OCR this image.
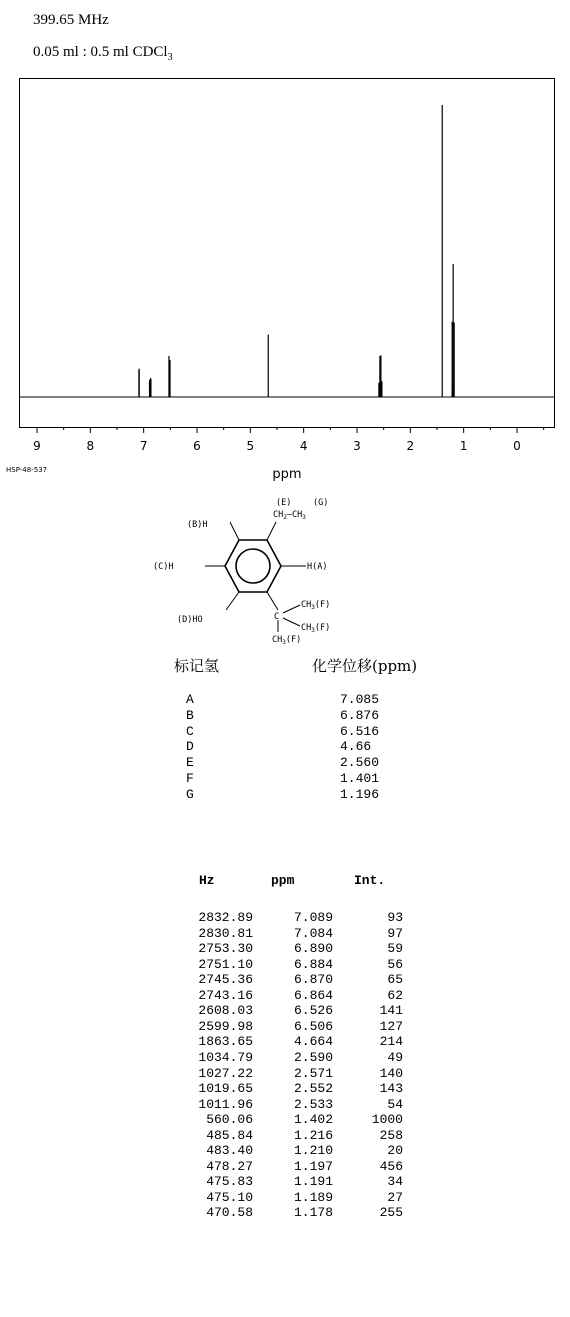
399.65 MHz
0.05 ml : 0.5 ml CDCl$_3$
9	8	7	6	5	4	3	2	1	0
ppm
HSP-48-537
(B)H
(E)	(G)
$CH_2—CH_3$
(C)H	H(A)
(D)HO	C
$CH_3(F)$
$CH_3(F)$
$CH_3(F)$
标记氢	化学位移(ppm)
A	7.085
B	6.876
C	6.516
D	4.66
E	2.560
F	1.401
G	1.196
Hz	ppm	Int.
2832.89	7.089	93
2830.81	7.084	97
2753.30	6.890	59
2751.10	6.884	56
2745.36	6.870	65
2743.16	6.864	62
2608.03	6.526	141
2599.98	6.506	127
1863.65	4.664	214
1034.79	2.590	49
1027.22	2.571	140
1019.65	2.552	143
1011.96	2.533	54
560.06	1.402	1000
485.84	1.216	258
483.40	1.210	20
478.27	1.197	456
475.83	1.191	34
475.10	1.189	27
470.58	1.178	255
